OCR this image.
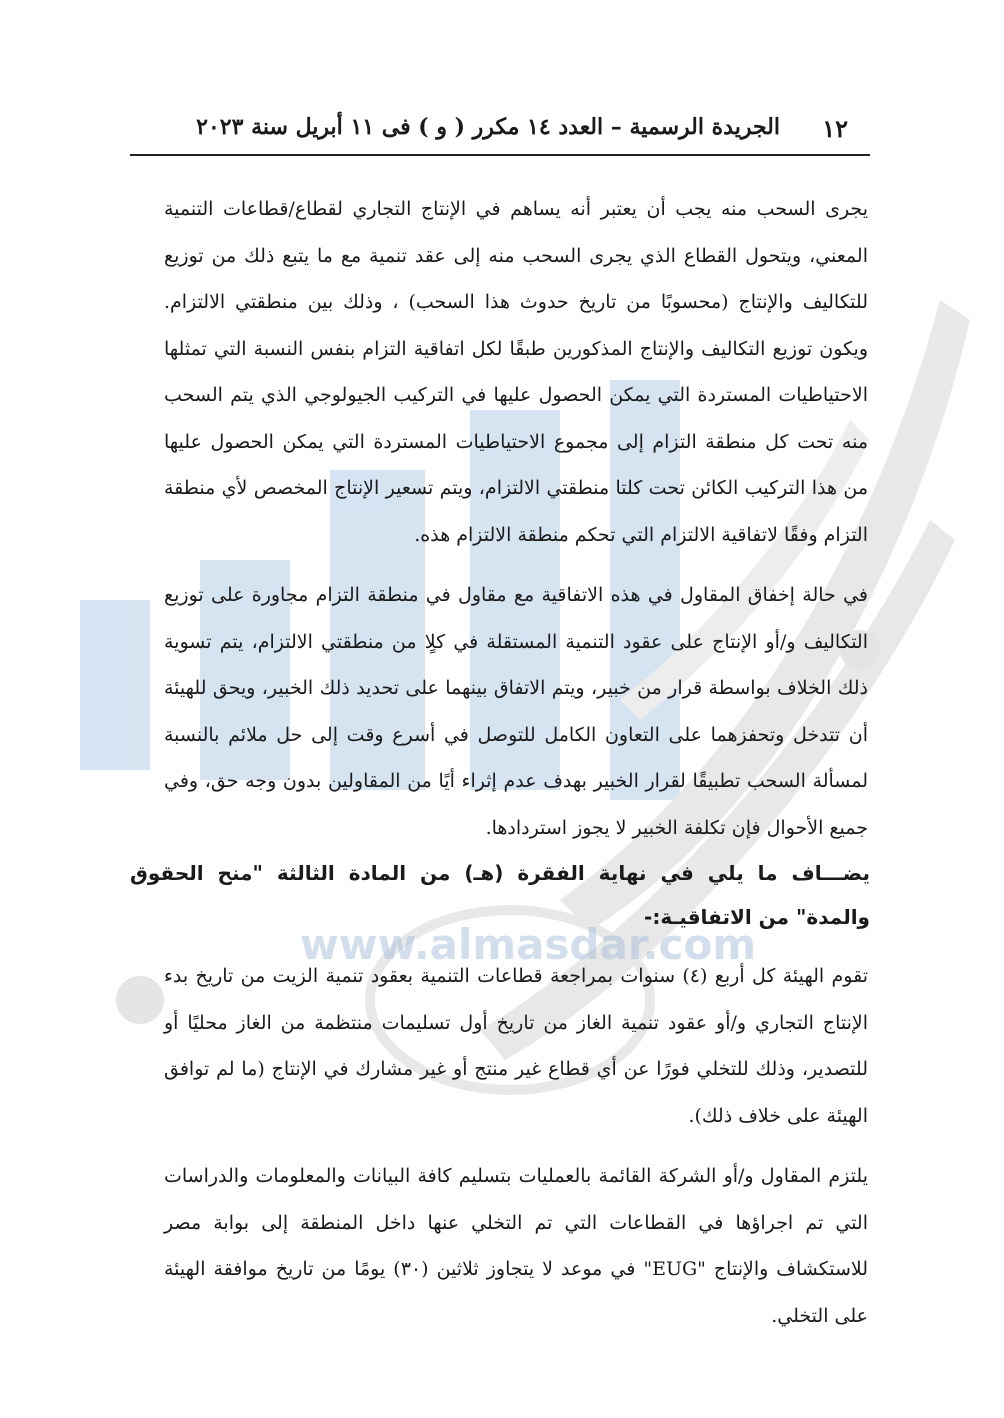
١٢
الجريدة الرسمية – العدد ١٤ مكرر ( و ) فى ١١ أبريل سنة ٢٠٢٣

يجرى السحب منه يجب أن يعتبر أنه يساهم في الإنتاج التجاري لقطاع/قطاعات التنمية المعني، ويتحول القطاع الذي يجرى السحب منه إلى عقد تنمية مع ما يتبع ذلك من توزيع للتكاليف والإنتاج (محسوبًا من تاريخ حدوث هذا السحب) ، وذلك بين منطقتي الالتزام. ويكون توزيع التكاليف والإنتاج المذكورين طبقًا لكل اتفاقية التزام بنفس النسبة التي تمثلها الاحتياطيات المستردة التي يمكن الحصول عليها في التركيب الجيولوجي الذي يتم السحب منه تحت كل منطقة التزام إلى مجموع الاحتياطيات المستردة التي يمكن الحصول عليها من هذا التركيب الكائن تحت كلتا منطقتي الالتزام، ويتم تسعير الإنتاج المخصص لأي منطقة التزام وفقًا لاتفاقية الالتزام التي تحكم منطقة الالتزام هذه.

في حالة إخفاق المقاول في هذه الاتفاقية مع مقاول في منطقة التزام مجاورة على توزيع التكاليف و/أو الإنتاج على عقود التنمية المستقلة في كلٍا من منطقتي الالتزام، يتم تسوية ذلك الخلاف بواسطة قرار من خبير، ويتم الاتفاق بينهما على تحديد ذلك الخبير، ويحق للهيئة أن تتدخل وتحفزهما على التعاون الكامل للتوصل في أسرع وقت إلى حل ملائم بالنسبة لمسألة السحب تطبيقًا لقرار الخبير بهدف عدم إثراء أيًا من المقاولين بدون وجه حق، وفي جميع الأحوال فإن تكلفة الخبير لا يجوز استردادها.

يضـــاف ما يلي في نهاية الفقرة (هـ) من المادة الثالثة "منح الحقوق والمدة" من الاتفاقيـة:-

تقوم الهيئة كل أربع (٤) سنوات بمراجعة قطاعات التنمية بعقود تنمية الزيت من تاريخ بدء الإنتاج التجاري و/أو عقود تنمية الغاز من تاريخ أول تسليمات منتظمة من الغاز محليًا أو للتصدير، وذلك للتخلي فورًا عن أي قطاع غير منتج أو غير مشارك في الإنتاج (ما لم توافق الهيئة على خلاف ذلك).

يلتزم المقاول و/أو الشركة القائمة بالعمليات بتسليم كافة البيانات والمعلومات والدراسات التي تم اجراؤها في القطاعات التي تم التخلي عنها داخل المنطقة إلى بوابة مصر للاستكشاف والإنتاج "EUG" في موعد لا يتجاوز ثلاثين (٣٠) يومًا من تاريخ موافقة الهيئة على التخلي.

www.almasdar.com
